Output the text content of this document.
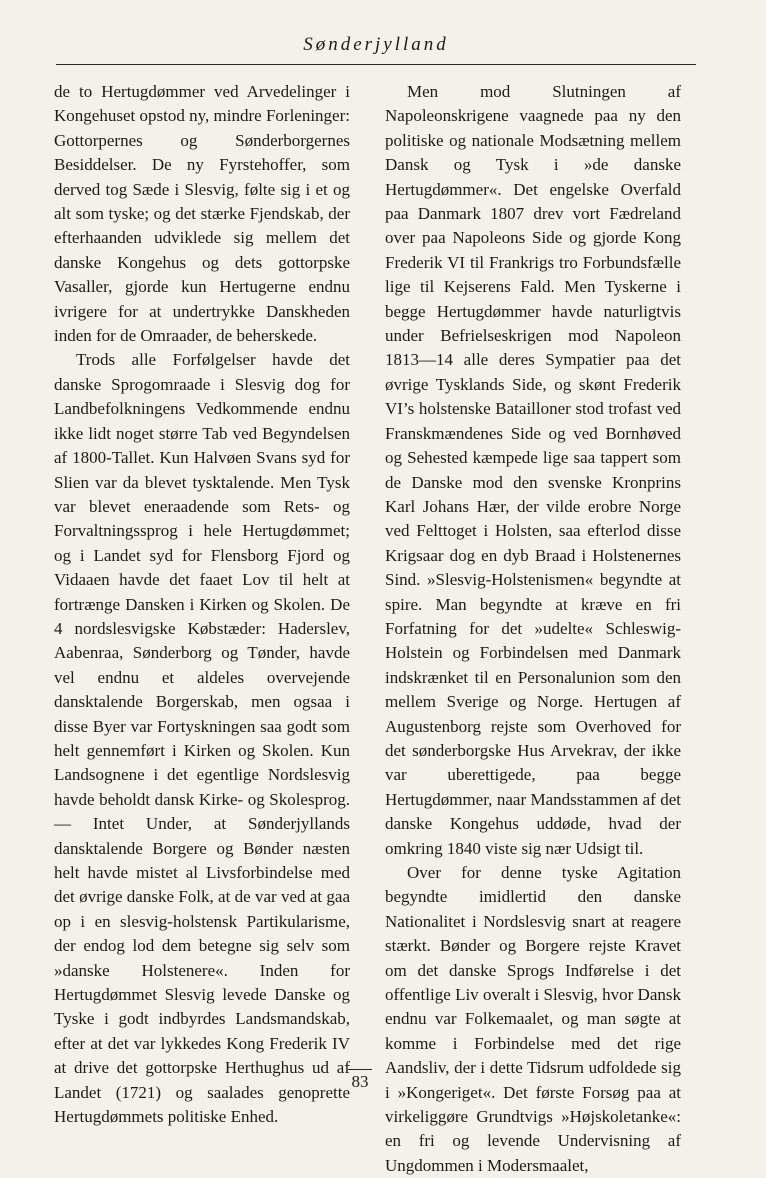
Sønderjylland

de to Hertugdømmer ved Arvedelinger i Kongehuset opstod ny, mindre Forleninger: Gottorpernes og Sønderborgernes Besiddelser. De ny Fyrstehoffer, som derved tog Sæde i Slesvig, følte sig i et og alt som tyske; og det stærke Fjendskab, der efterhaanden udviklede sig mellem det danske Kongehus og dets gottorpske Vasaller, gjorde kun Hertugerne endnu ivrigere for at undertrykke Danskheden inden for de Omraader, de beherskede.

Trods alle Forfølgelser havde det danske Sprogomraade i Slesvig dog for Landbefolkningens Vedkommende endnu ikke lidt noget større Tab ved Begyndelsen af 1800-Tallet. Kun Halvøen Svans syd for Slien var da blevet tysktalende. Men Tysk var blevet eneraadende som Rets- og Forvaltningssprog i hele Hertugdømmet; og i Landet syd for Flensborg Fjord og Vidaaen havde det faaet Lov til helt at fortrænge Dansken i Kirken og Skolen. De 4 nordslesvigske Købstæder: Haderslev, Aabenraa, Sønderborg og Tønder, havde vel endnu et aldeles overvejende dansktalende Borgerskab, men ogsaa i disse Byer var Fortyskningen saa godt som helt gennemført i Kirken og Skolen. Kun Landsognene i det egentlige Nordslesvig havde beholdt dansk Kirke- og Skolesprog. — Intet Under, at Sønderjyllands dansktalende Borgere og Bønder næsten helt havde mistet al Livsforbindelse med det øvrige danske Folk, at de var ved at gaa op i en slesvig-holstensk Partikularisme, der endog lod dem betegne sig selv som »danske Holstenere«. Inden for Hertugdømmet Slesvig levede Danske og Tyske i godt indbyrdes Landsmandskab, efter at det var lykkedes Kong Frederik IV at drive det gottorpske Herthughus ud af Landet (1721) og saalades genoprette Hertugdømmets politiske Enhed.

Men mod Slutningen af Napoleonskrigene vaagnede paa ny den politiske og nationale Modsætning mellem Dansk og Tysk i »de danske Hertugdømmer«. Det engelske Overfald paa Danmark 1807 drev vort Fædreland over paa Napoleons Side og gjorde Kong Frederik VI til Frankrigs tro Forbundsfælle lige til Kejserens Fald. Men Tyskerne i begge Hertugdømmer havde naturligtvis under Befrielseskrigen mod Napoleon 1813—14 alle deres Sympatier paa det øvrige Tysklands Side, og skønt Frederik VI’s holstenske Batailloner stod trofast ved Franskmændenes Side og ved Bornhøved og Sehested kæmpede lige saa tappert som de Danske mod den svenske Kronprins Karl Johans Hær, der vilde erobre Norge ved Felttoget i Holsten, saa efterlod disse Krigsaar dog en dyb Braad i Holstenernes Sind. »Slesvig-Holstenismen« begyndte at spire. Man begyndte at kræve en fri Forfatning for det »udelte« Schleswig-Holstein og Forbindelsen med Danmark indskrænket til en Personalunion som den mellem Sverige og Norge. Hertugen af Augustenborg rejste som Overhoved for det sønderborgske Hus Arvekrav, der ikke var uberettigede, paa begge Hertugdømmer, naar Mandsstammen af det danske Kongehus uddøde, hvad der omkring 1840 viste sig nær Udsigt til.

Over for denne tyske Agitation begyndte imidlertid den danske Nationalitet i Nordslesvig snart at reagere stærkt. Bønder og Borgere rejste Kravet om det danske Sprogs Indførelse i det offentlige Liv overalt i Slesvig, hvor Dansk endnu var Folkemaalet, og man søgte at komme i Forbindelse med det rige Aandsliv, der i dette Tidsrum udfoldede sig i »Kongeriget«. Det første Forsøg paa at virkeliggøre Grundtvigs »Højskoletanke«: en fri og levende Undervisning af Ungdommen i Modersmaalet,

83
